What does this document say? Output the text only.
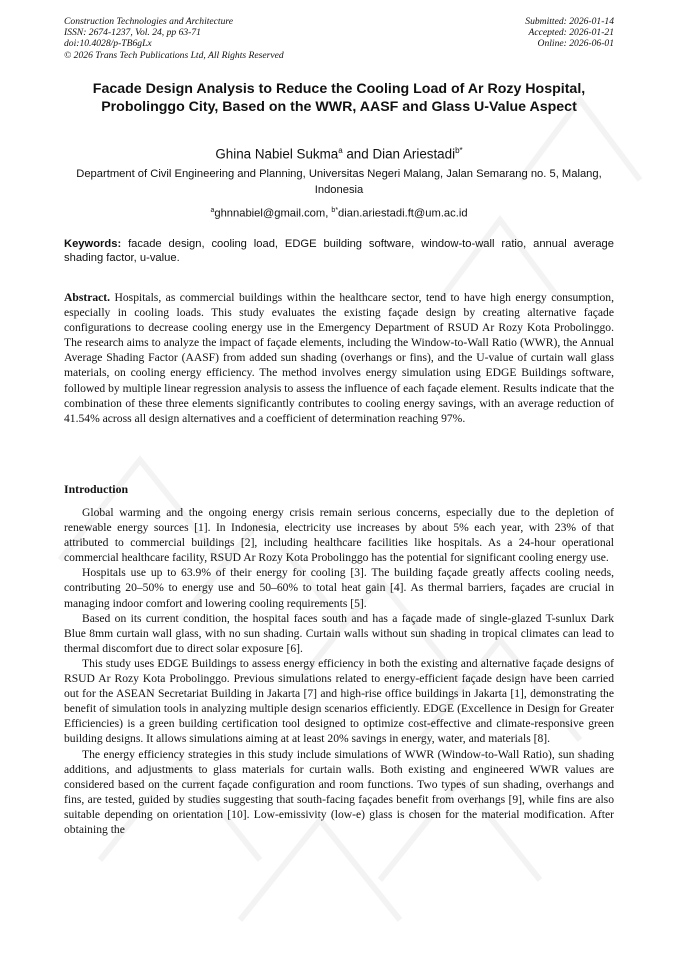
Construction Technologies and Architecture
ISSN: 2674-1237, Vol. 24, pp 63-71
doi:10.4028/p-TB6gLx
© 2026 Trans Tech Publications Ltd, All Rights Reserved
Submitted: 2026-01-14
Accepted: 2026-01-21
Online: 2026-06-01
Facade Design Analysis to Reduce the Cooling Load of Ar Rozy Hospital, Probolinggo City, Based on the WWR, AASF and Glass U-Value Aspect
Ghina Nabiel Sukma$^a$ and Dian Ariestadi$^{b*}$
Department of Civil Engineering and Planning, Universitas Negeri Malang, Jalan Semarang no. 5, Malang, Indonesia
$^a$ghnnabiel@gmail.com, $^{b*}$dian.ariestadi.ft@um.ac.id
Keywords: facade design, cooling load, EDGE building software, window-to-wall ratio, annual average shading factor, u-value.
Abstract. Hospitals, as commercial buildings within the healthcare sector, tend to have high energy consumption, especially in cooling loads. This study evaluates the existing façade design by creating alternative façade configurations to decrease cooling energy use in the Emergency Department of RSUD Ar Rozy Kota Probolinggo. The research aims to analyze the impact of façade elements, including the Window-to-Wall Ratio (WWR), the Annual Average Shading Factor (AASF) from added sun shading (overhangs or fins), and the U-value of curtain wall glass materials, on cooling energy efficiency. The method involves energy simulation using EDGE Buildings software, followed by multiple linear regression analysis to assess the influence of each façade element. Results indicate that the combination of these three elements significantly contributes to cooling energy savings, with an average reduction of 41.54% across all design alternatives and a coefficient of determination reaching 97%.
Introduction

Global warming and the ongoing energy crisis remain serious concerns, especially due to the depletion of renewable energy sources [1]. In Indonesia, electricity use increases by about 5% each year, with 23% of that attributed to commercial buildings [2], including healthcare facilities like hospitals. As a 24-hour operational commercial healthcare facility, RSUD Ar Rozy Kota Probolinggo has the potential for significant cooling energy use.

Hospitals use up to 63.9% of their energy for cooling [3]. The building façade greatly affects cooling needs, contributing 20–50% to energy use and 50–60% to total heat gain [4]. As thermal barriers, façades are crucial in managing indoor comfort and lowering cooling requirements [5].

Based on its current condition, the hospital faces south and has a façade made of single-glazed T-sunlux Dark Blue 8mm curtain wall glass, with no sun shading. Curtain walls without sun shading in tropical climates can lead to thermal discomfort due to direct solar exposure [6].

This study uses EDGE Buildings to assess energy efficiency in both the existing and alternative façade designs of RSUD Ar Rozy Kota Probolinggo. Previous simulations related to energy-efficient façade design have been carried out for the ASEAN Secretariat Building in Jakarta [7] and high-rise office buildings in Jakarta [1], demonstrating the benefit of simulation tools in analyzing multiple design scenarios efficiently. EDGE (Excellence in Design for Greater Efficiencies) is a green building certification tool designed to optimize cost-effective and climate-responsive green building designs. It allows simulations aiming at at least 20% savings in energy, water, and materials [8].

The energy efficiency strategies in this study include simulations of WWR (Window-to-Wall Ratio), sun shading additions, and adjustments to glass materials for curtain walls. Both existing and engineered WWR values are considered based on the current façade configuration and room functions. Two types of sun shading, overhangs and fins, are tested, guided by studies suggesting that south-facing façades benefit from overhangs [9], while fins are also suitable depending on orientation [10]. Low-emissivity (low-e) glass is chosen for the material modification. After obtaining the
